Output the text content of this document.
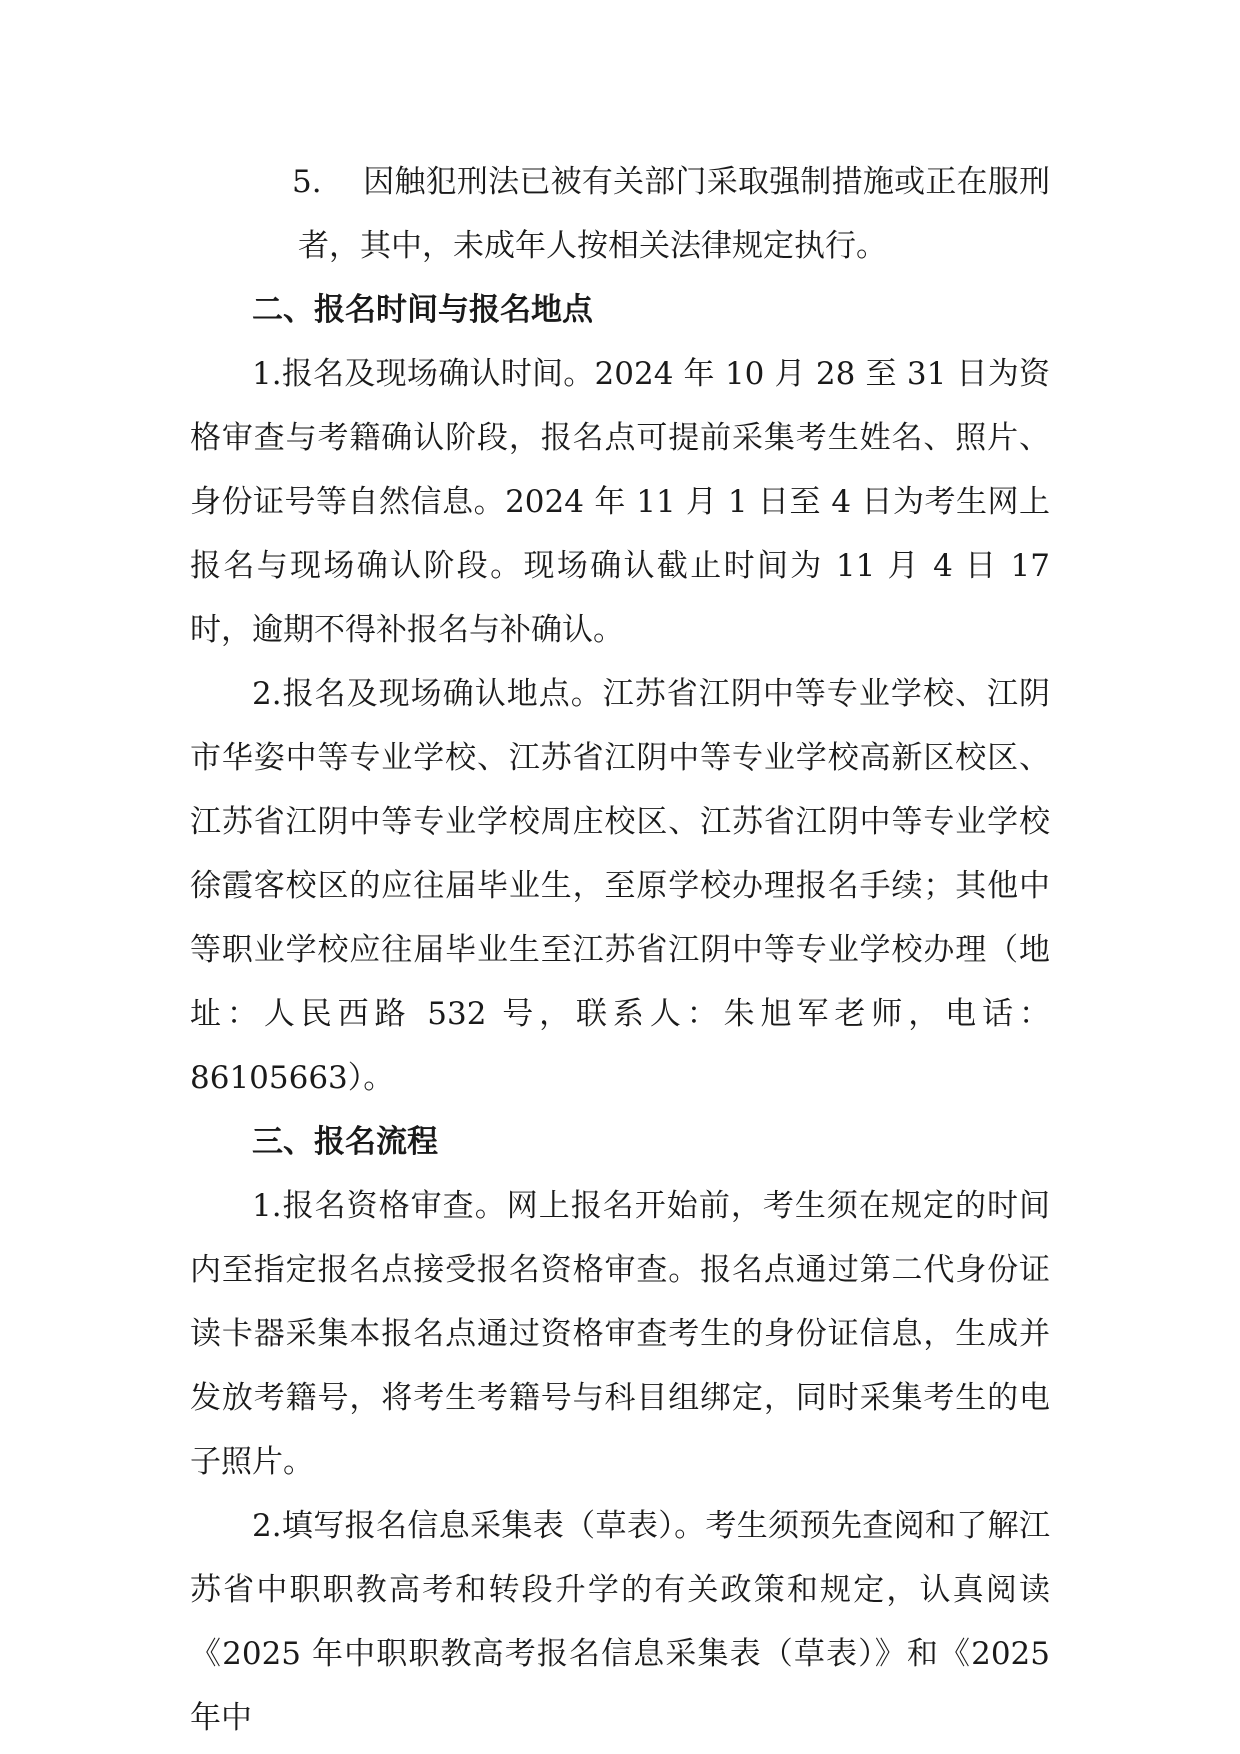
5. 因触犯刑法已被有关部门采取强制措施或正在服刑者，其中，未成年人按相关法律规定执行。

二、报名时间与报名地点

1.报名及现场确认时间。2024 年 10 月 28 至 31 日为资格审查与考籍确认阶段，报名点可提前采集考生姓名、照片、身份证号等自然信息。2024 年 11 月 1 日至 4 日为考生网上报名与现场确认阶段。现场确认截止时间为 11 月 4 日 17 时，逾期不得补报名与补确认。

2.报名及现场确认地点。江苏省江阴中等专业学校、江阴市华姿中等专业学校、江苏省江阴中等专业学校高新区校区、江苏省江阴中等专业学校周庄校区、江苏省江阴中等专业学校徐霞客校区的应往届毕业生，至原学校办理报名手续；其他中等职业学校应往届毕业生至江苏省江阴中等专业学校办理（地址：人民西路 532 号，联系人：朱旭军老师，电话：86105663）。

三、报名流程

1.报名资格审查。网上报名开始前，考生须在规定的时间内至指定报名点接受报名资格审查。报名点通过第二代身份证读卡器采集本报名点通过资格审查考生的身份证信息，生成并发放考籍号，将考生考籍号与科目组绑定，同时采集考生的电子照片。

2.填写报名信息采集表（草表）。考生须预先查阅和了解江苏省中职职教高考和转段升学的有关政策和规定，认真阅读《2025 年中职职教高考报名信息采集表（草表）》和《2025 年中
